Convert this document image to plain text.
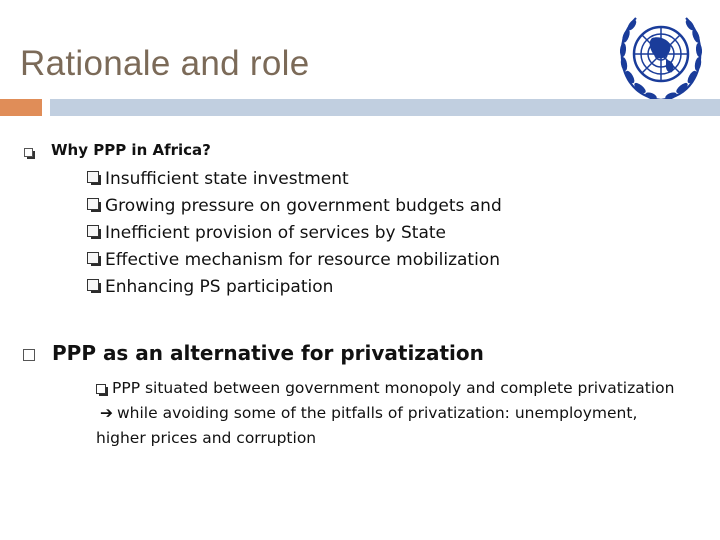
Rationale and role
Why PPP in Africa?
Insufficient state investment
Growing pressure on government budgets and
Inefficient provision of services by State
Effective mechanism for resource mobilization
Enhancing PS participation
PPP as an alternative for privatization
PPP situated between government monopoly and complete privatization➔ while avoiding some of the pitfalls of privatization: unemployment, higher prices and corruption
